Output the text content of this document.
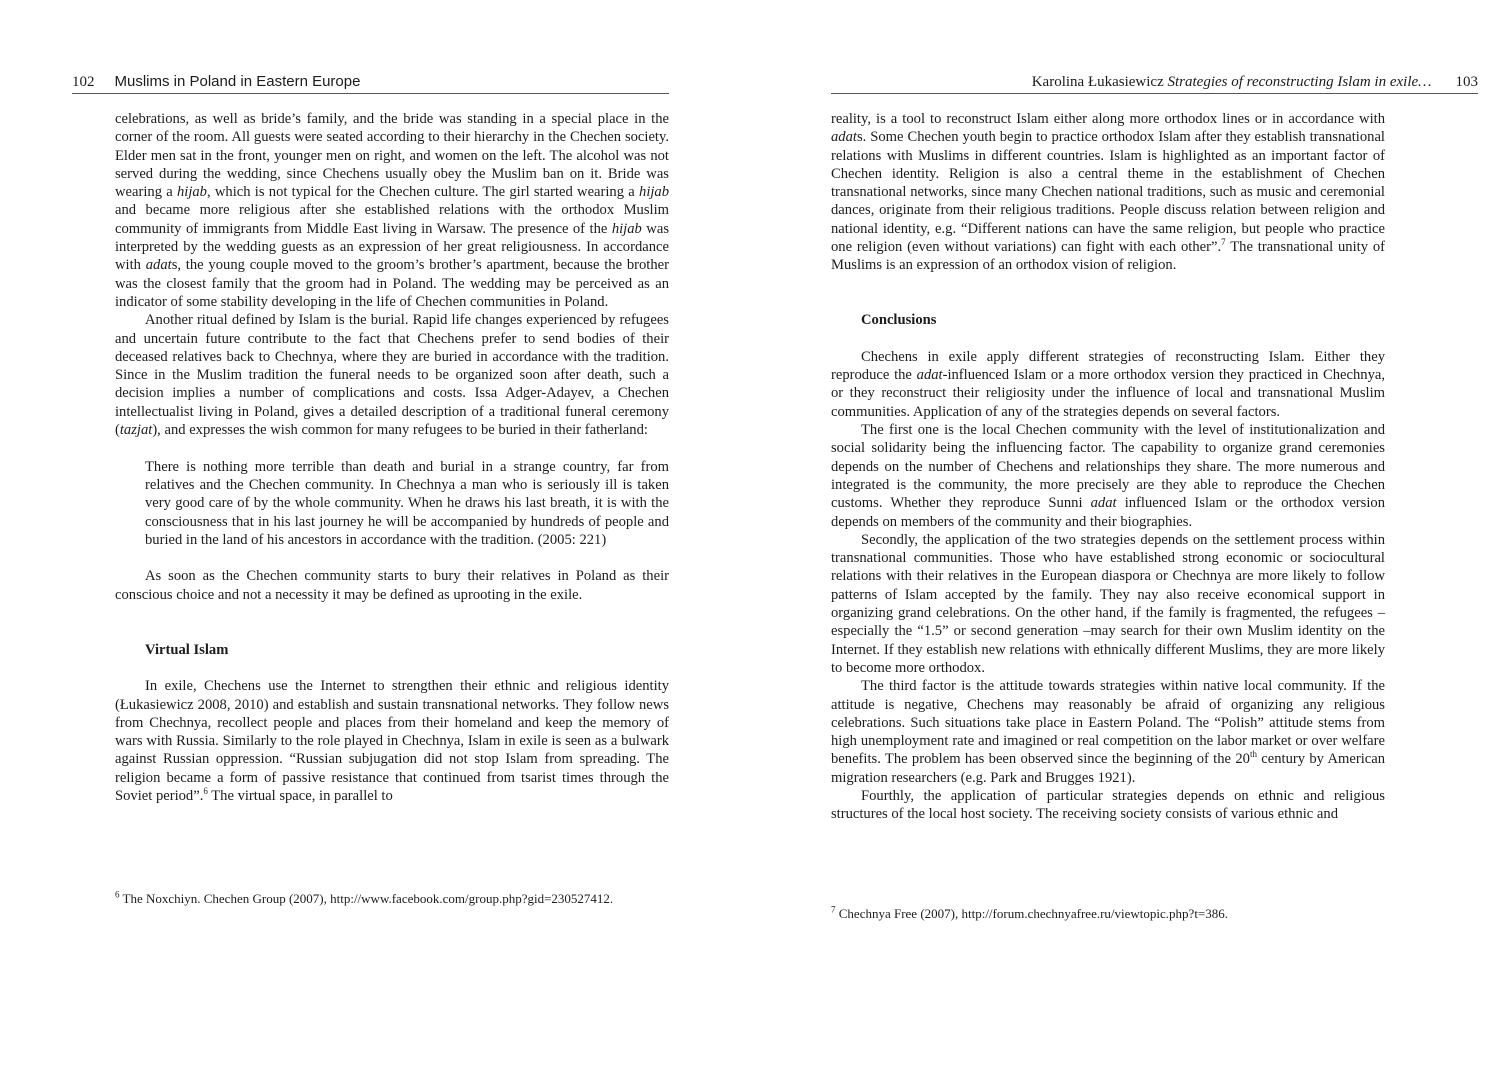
102 Muslims in Poland in Eastern Europe

celebrations, as well as bride’s family, and the bride was standing in a special place in the corner of the room. All guests were seated according to their hierarchy in the Chechen society. Elder men sat in the front, younger men on right, and women on the left. The alcohol was not served during the wedding, since Chechens usually obey the Muslim ban on it. Bride was wearing a hijab, which is not typical for the Chechen culture. The girl started wearing a hijab and became more religious after she established relations with the orthodox Muslim community of immigrants from Middle East living in Warsaw. The presence of the hijab was interpreted by the wedding guests as an expression of her great religiousness. In accordance with adats, the young couple moved to the groom’s brother’s apartment, because the brother was the closest family that the groom had in Poland. The wedding may be perceived as an indicator of some stability developing in the life of Chechen communities in Poland.

Another ritual defined by Islam is the burial. Rapid life changes experienced by refugees and uncertain future contribute to the fact that Chechens prefer to send bodies of their deceased relatives back to Chechnya, where they are buried in accordance with the tradition. Since in the Muslim tradition the funeral needs to be organized soon after death, such a decision implies a number of complications and costs. Issa Adger-Adayev, a Chechen intellectualist living in Poland, gives a detailed description of a traditional funeral ceremony (tazjat), and expresses the wish common for many refugees to be buried in their fatherland:

There is nothing more terrible than death and burial in a strange country, far from relatives and the Chechen community. In Chechnya a man who is seriously ill is taken very good care of by the whole community. When he draws his last breath, it is with the consciousness that in his last journey he will be accompanied by hundreds of people and buried in the land of his ancestors in accordance with the tradition. (2005: 221)

As soon as the Chechen community starts to bury their relatives in Poland as their conscious choice and not a necessity it may be defined as uprooting in the exile.

Virtual Islam

In exile, Chechens use the Internet to strengthen their ethnic and religious identity (Łukasiewicz 2008, 2010) and establish and sustain transnational networks. They follow news from Chechnya, recollect people and places from their homeland and keep the memory of wars with Russia. Similarly to the role played in Chechnya, Islam in exile is seen as a bulwark against Russian oppression. “Russian subjugation did not stop Islam from spreading. The religion became a form of passive resistance that continued from tsarist times through the Soviet period”.$^6$ The virtual space, in parallel to

$^6$ The Noxchiyn. Chechen Group (2007), http://www.facebook.com/group.php?gid=230527412.
Karolina Łukasiewicz Strategies of reconstructing Islam in exile… 103

reality, is a tool to reconstruct Islam either along more orthodox lines or in accordance with adats. Some Chechen youth begin to practice orthodox Islam after they establish transnational relations with Muslims in different countries. Islam is highlighted as an important factor of Chechen identity. Religion is also a central theme in the establishment of Chechen transnational networks, since many Chechen national traditions, such as music and ceremonial dances, originate from their religious traditions. People discuss relation between religion and national identity, e.g. “Different nations can have the same religion, but people who practice one religion (even without variations) can fight with each other”.$^7$ The transnational unity of Muslims is an expression of an orthodox vision of religion.

Conclusions

Chechens in exile apply different strategies of reconstructing Islam. Either they reproduce the adat-influenced Islam or a more orthodox version they practiced in Chechnya, or they reconstruct their religiosity under the influence of local and transnational Muslim communities. Application of any of the strategies depends on several factors.

The first one is the local Chechen community with the level of institutionalization and social solidarity being the influencing factor. The capability to organize grand ceremonies depends on the number of Chechens and relationships they share. The more numerous and integrated is the community, the more precisely are they able to reproduce the Chechen customs. Whether they reproduce Sunni adat influenced Islam or the orthodox version depends on members of the community and their biographies.

Secondly, the application of the two strategies depends on the settlement process within transnational communities. Those who have established strong economic or sociocultural relations with their relatives in the European diaspora or Chechnya are more likely to follow patterns of Islam accepted by the family. They nay also receive economical support in organizing grand celebrations. On the other hand, if the family is fragmented, the refugees – especially the “1.5” or second generation –may search for their own Muslim identity on the Internet. If they establish new relations with ethnically different Muslims, they are more likely to become more orthodox.

The third factor is the attitude towards strategies within native local community. If the attitude is negative, Chechens may reasonably be afraid of organizing any religious celebrations. Such situations take place in Eastern Poland. The “Polish” attitude stems from high unemployment rate and imagined or real competition on the labor market or over welfare benefits. The problem has been observed since the beginning of the 20th century by American migration researchers (e.g. Park and Brugges 1921).

Fourthly, the application of particular strategies depends on ethnic and religious structures of the local host society. The receiving society consists of various ethnic and

$^7$ Chechnya Free (2007), http://forum.chechnyafree.ru/viewtopic.php?t=386.
